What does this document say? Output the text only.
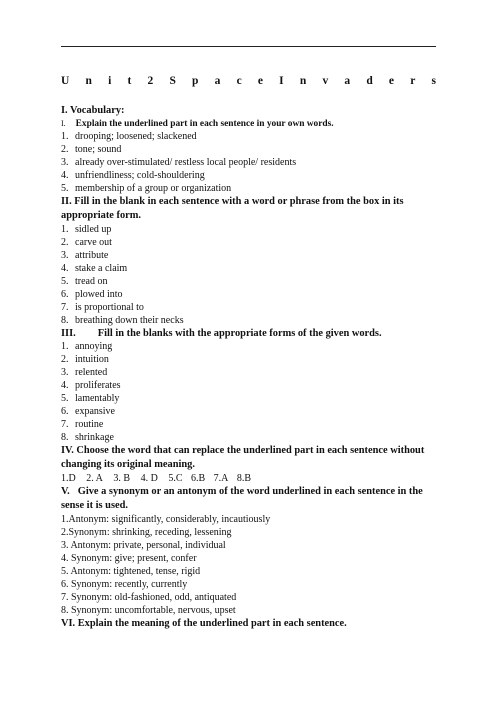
U n i t 2 S p a c e I n v a d e r s
I. Vocabulary:
I. Explain the underlined part in each sentence in your own words.
1. drooping; loosened; slackened
2. tone; sound
3. already over-stimulated/ restless local people/ residents
4. unfriendliness; cold-shouldering
5. membership of a group or organization
II. Fill in the blank in each sentence with a word or phrase from the box in its
appropriate form.
1. sidled up
2. carve out
3. attribute
4. stake a claim
5. tread on
6. plowed into
7. is proportional to
8. breathing down their necks
III. Fill in the blanks with the appropriate forms of the given words.
1. annoying
2. intuition
3. relented
4. proliferates
5. lamentably
6. expansive
7. routine
8. shrinkage
IV. Choose the word that can replace the underlined part in each sentence without
changing its original meaning.
1.D 2. A 3. B 4. D 5.C 6.B 7.A 8.B
V. Give a synonym or an antonym of the word underlined in each sentence in the
sense it is used.
1.Antonym: significantly, considerably, incautiously
2.Synonym: shrinking, receding, lessening
3. Antonym: private, personal, individual
4. Synonym: give; present, confer
5. Antonym: tightened, tense, rigid
6. Synonym: recently, currently
7. Synonym: old-fashioned, odd, antiquated
8. Synonym: uncomfortable, nervous, upset
VI. Explain the meaning of the underlined part in each sentence.
